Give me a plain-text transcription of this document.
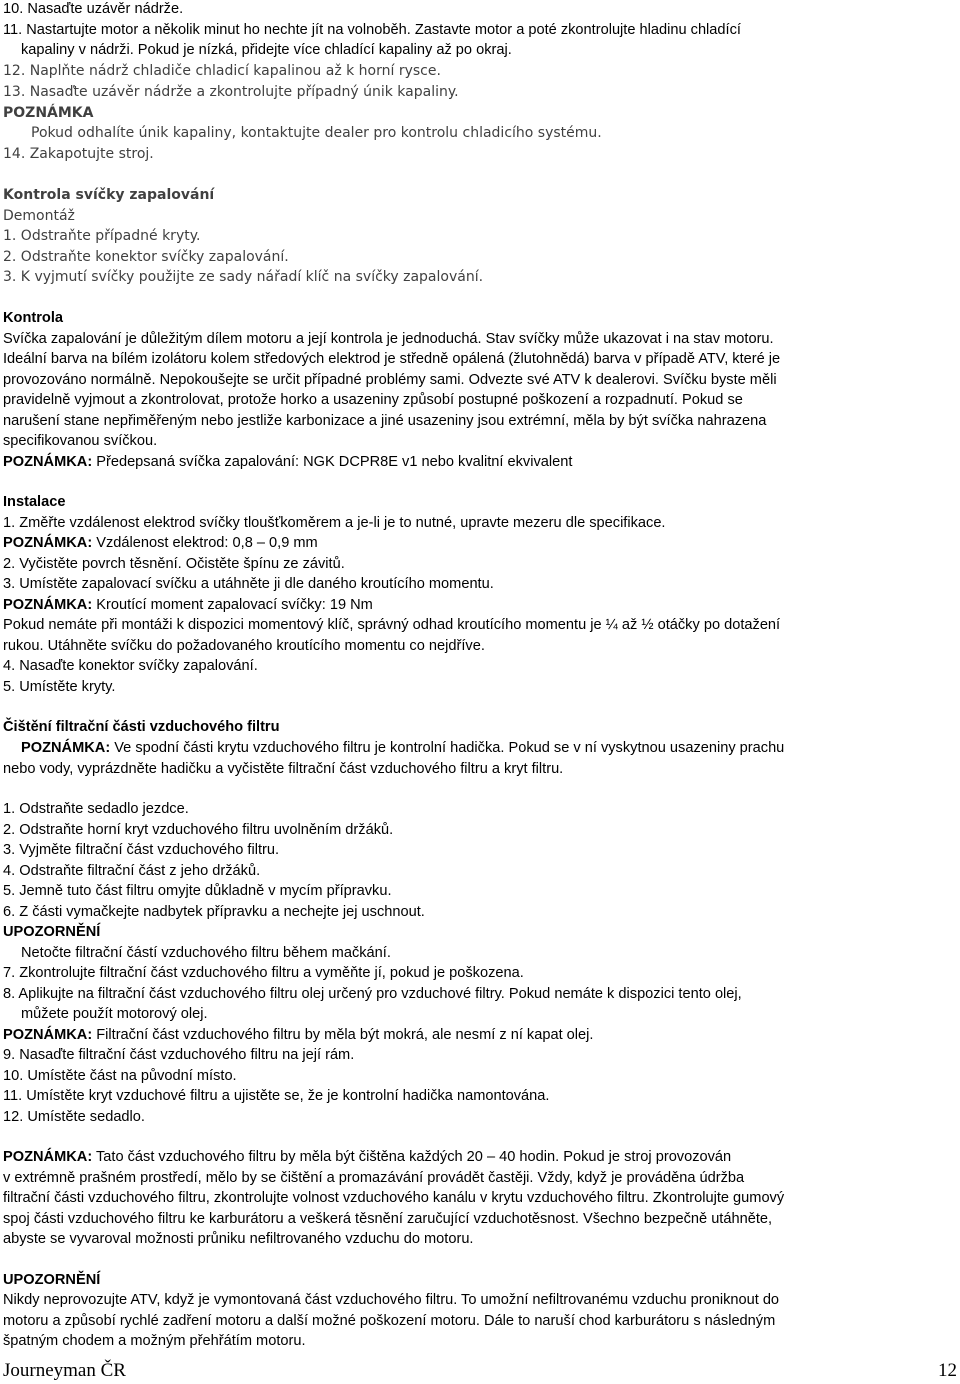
10. Nasaďte uzávěr nádrže.
11. Nastartujte motor a několik minut ho nechte jít na volnoběh. Zastavte motor a poté zkontrolujte hladinu chladící
kapaliny v nádrži. Pokud je nízká, přidejte více chladící kapaliny až po okraj.
12. Naplňte nádrž chladiče chladicí kapalinou až k horní rysce.
13. Nasaďte uzávěr nádrže a zkontrolujte případný únik kapaliny.
POZNÁMKA
Pokud odhalíte únik kapaliny, kontaktujte dealer pro kontrolu chladicího systému.
14. Zakapotujte stroj.
Kontrola svíčky zapalování
Demontáž
1. Odstraňte případné kryty.
2. Odstraňte konektor svíčky zapalování.
3. K vyjmutí svíčky použijte ze sady nářadí klíč na svíčky zapalování.
Kontrola
Svíčka zapalování je důležitým dílem motoru a její kontrola je jednoduchá. Stav svíčky může ukazovat i na stav motoru.
Ideální barva na bílém izolátoru kolem středových elektrod je středně opálená (žlutohnědá) barva v případě ATV, které je
provozováno normálně. Nepokoušejte se určit případné problémy sami. Odvezte své ATV k dealerovi. Svíčku byste měli
pravidelně vyjmout a zkontrolovat, protože horko a usazeniny způsobí postupné poškození a rozpadnutí. Pokud se
narušení stane nepřiměřeným nebo jestliže karbonizace a jiné usazeniny jsou extrémní, měla by být svíčka nahrazena
specifikovanou svíčkou.
POZNÁMKA: Předepsaná svíčka zapalování: NGK DCPR8E v1 nebo kvalitní ekvivalent
Instalace
1. Změřte vzdálenost elektrod svíčky tloušťkoměrem a je-li je to nutné, upravte mezeru dle specifikace.
POZNÁMKA: Vzdálenost elektrod: 0,8 – 0,9 mm
2. Vyčistěte povrch těsnění. Očistěte špínu ze závitů.
3. Umístěte zapalovací svíčku a utáhněte ji dle daného kroutícího momentu.
POZNÁMKA: Kroutící moment zapalovací svíčky: 19 Nm
Pokud nemáte při montáži k dispozici momentový klíč, správný odhad kroutícího momentu je ¼ až ½ otáčky po dotažení
rukou. Utáhněte svíčku do požadovaného kroutícího momentu co nejdříve.
4. Nasaďte konektor svíčky zapalování.
5. Umístěte kryty.
Čištění filtrační části vzduchového filtru
POZNÁMKA: Ve spodní části krytu vzduchového filtru je kontrolní hadička. Pokud se v ní vyskytnou usazeniny prachu
nebo vody, vyprázdněte hadičku a vyčistěte filtrační část vzduchového filtru a kryt filtru.
1. Odstraňte sedadlo jezdce.
2. Odstraňte horní kryt vzduchového filtru uvolněním držáků.
3. Vyjměte filtrační část vzduchového filtru.
4. Odstraňte filtrační část z jeho držáků.
5. Jemně tuto část filtru omyjte důkladně v mycím přípravku.
6. Z části vymačkejte nadbytek přípravku a nechejte jej uschnout.
UPOZORNĚNÍ
Netočte filtrační částí vzduchového filtru během mačkání.
7. Zkontrolujte filtrační část vzduchového filtru a vyměňte jí, pokud je poškozena.
8. Aplikujte na filtrační část vzduchového filtru olej určený pro vzduchové filtry. Pokud nemáte k dispozici tento olej,
můžete použít motorový olej.
POZNÁMKA: Filtrační část vzduchového filtru by měla být mokrá, ale nesmí z ní kapat olej.
9. Nasaďte filtrační část vzduchového filtru na její rám.
10. Umístěte část na původní místo.
11. Umístěte kryt vzduchové filtru a ujistěte se, že je kontrolní hadička namontována.
12. Umístěte sedadlo.
POZNÁMKA: Tato část vzduchového filtru by měla být čištěna každých 20 – 40 hodin. Pokud je stroj provozován
v extrémně prašném prostředí, mělo by se čištění a promazávání provádět častěji. Vždy, když je prováděna údržba
filtrační části vzduchového filtru, zkontrolujte volnost vzduchového kanálu v krytu vzduchového filtru. Zkontrolujte gumový
spoj části vzduchového filtru ke karburátoru a veškerá těsnění zaručující vzduchotěsnost. Všechno bezpečně utáhněte,
abyste se vyvaroval možnosti průniku nefiltrovaného vzduchu do motoru.
UPOZORNĚNÍ
Nikdy neprovozujte ATV, když je vymontovaná část vzduchového filtru. To umožní nefiltrovanému vzduchu proniknout do
motoru a způsobí rychlé zadření motoru a další možné poškození motoru. Dále to naruší chod karburátoru s následným
špatným chodem a možným přehřátím motoru.
Journeyman ČR	12
